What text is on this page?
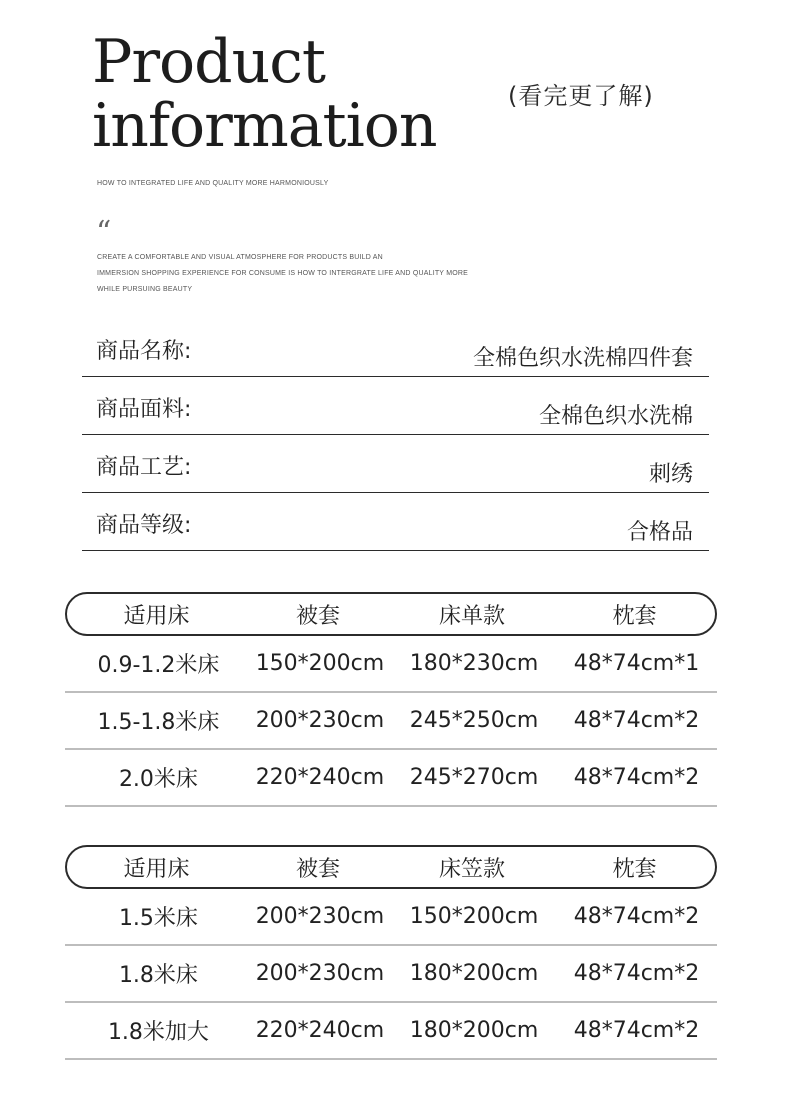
Product
information	(看完更了解)
HOW TO INTEGRATED LIFE AND QUALITY MORE HARMONIOUSLY
“
CREATE A COMFORTABLE AND VISUAL ATMOSPHERE FOR PRODUCTS BUILD AN
IMMERSION SHOPPING EXPERIENCE FOR CONSUME IS HOW TO INTERGRATE LIFE AND QUALITY MORE
WHILE PURSUING BEAUTY
商品名称:	全棉色织水洗棉四件套
商品面料:	全棉色织水洗棉
商品工艺:	刺绣
商品等级:	合格品
适用床	被套	床单款	枕套
0.9-1.2米床	150*200cm	180*230cm	48*74cm*1
1.5-1.8米床	200*230cm	245*250cm	48*74cm*2
2.0米床	220*240cm	245*270cm	48*74cm*2
适用床	被套	床笠款	枕套
1.5米床	200*230cm	150*200cm	48*74cm*2
1.8米床	200*230cm	180*200cm	48*74cm*2
1.8米加大	220*240cm	180*200cm	48*74cm*2
